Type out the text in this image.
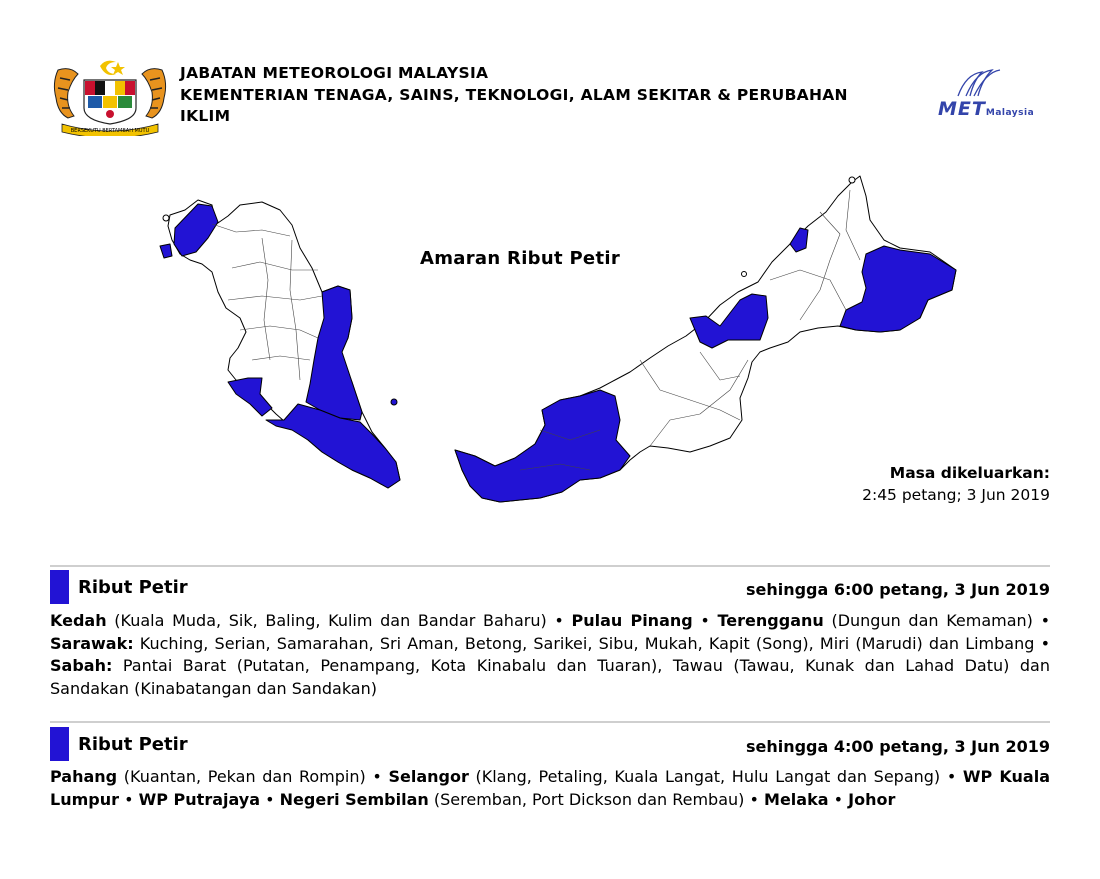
BERSEKUTU BERTAMBAH MUTU
JABATAN METEOROLOGI MALAYSIA
KEMENTERIAN TENAGA, SAINS, TEKNOLOGI, ALAM SEKITAR & PERUBAHAN
IKLIM	METMalaysia
Amaran Ribut Petir
Masa dikeluarkan:
2:45 petang; 3 Jun 2019
Ribut Petir	sehingga 6:00 petang, 3 Jun 2019
Kedah (Kuala Muda, Sik, Baling, Kulim dan Bandar Baharu) • Pulau Pinang • Terengganu (Dungun dan Kemaman) • Sarawak: Kuching, Serian, Samarahan, Sri Aman, Betong, Sarikei, Sibu, Mukah, Kapit (Song), Miri (Marudi) dan Limbang • Sabah: Pantai Barat (Putatan, Penampang, Kota Kinabalu dan Tuaran), Tawau (Tawau, Kunak dan Lahad Datu) dan Sandakan (Kinabatangan dan Sandakan)
Ribut Petir	sehingga 4:00 petang, 3 Jun 2019
Pahang (Kuantan, Pekan dan Rompin) • Selangor (Klang, Petaling, Kuala Langat, Hulu Langat dan Sepang) • WP Kuala Lumpur • WP Putrajaya • Negeri Sembilan (Seremban, Port Dickson dan Rembau) • Melaka • Johor
